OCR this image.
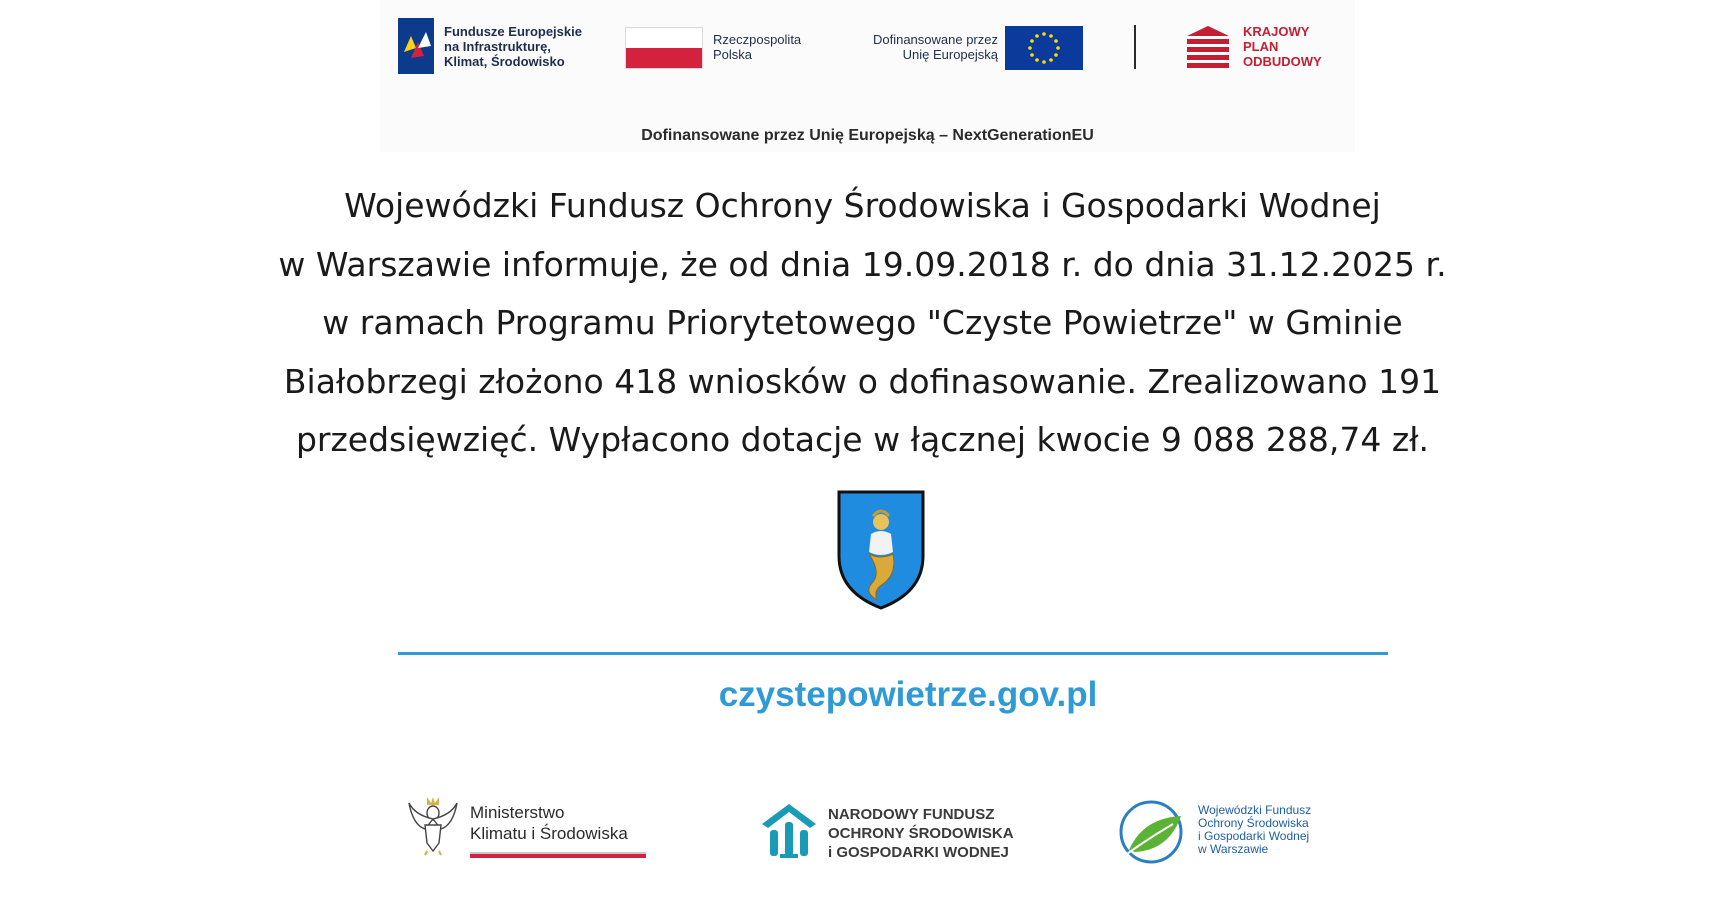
Fundusze Europejskie
na Infrastrukturę,
Klimat, Środowisko
Rzeczpospolita
Polska
Dofinansowane przez
Unię Europejską
KRAJOWY
PLAN
ODBUDOWY
Dofinansowane przez Unię Europejską – NextGenerationEU
Wojewódzki Fundusz Ochrony Środowiska i Gospodarki Wodnej
w Warszawie informuje, że od dnia 19.09.2018 r. do dnia 31.12.2025 r.
w ramach Programu Priorytetowego "Czyste Powietrze" w Gminie
Białobrzegi złożono 418 wniosków o dofinasowanie. Zrealizowano 191
przedsięwzięć. Wypłacono dotacje w łącznej kwocie 9 088 288,74 zł.
czystepowietrze.gov.pl
Ministerstwo
Klimatu i Środowiska
NARODOWY FUNDUSZ
OCHRONY ŚRODOWISKA
i GOSPODARKI WODNEJ
Wojewódzki Fundusz
Ochrony Środowiska
i Gospodarki Wodnej
w Warszawie
